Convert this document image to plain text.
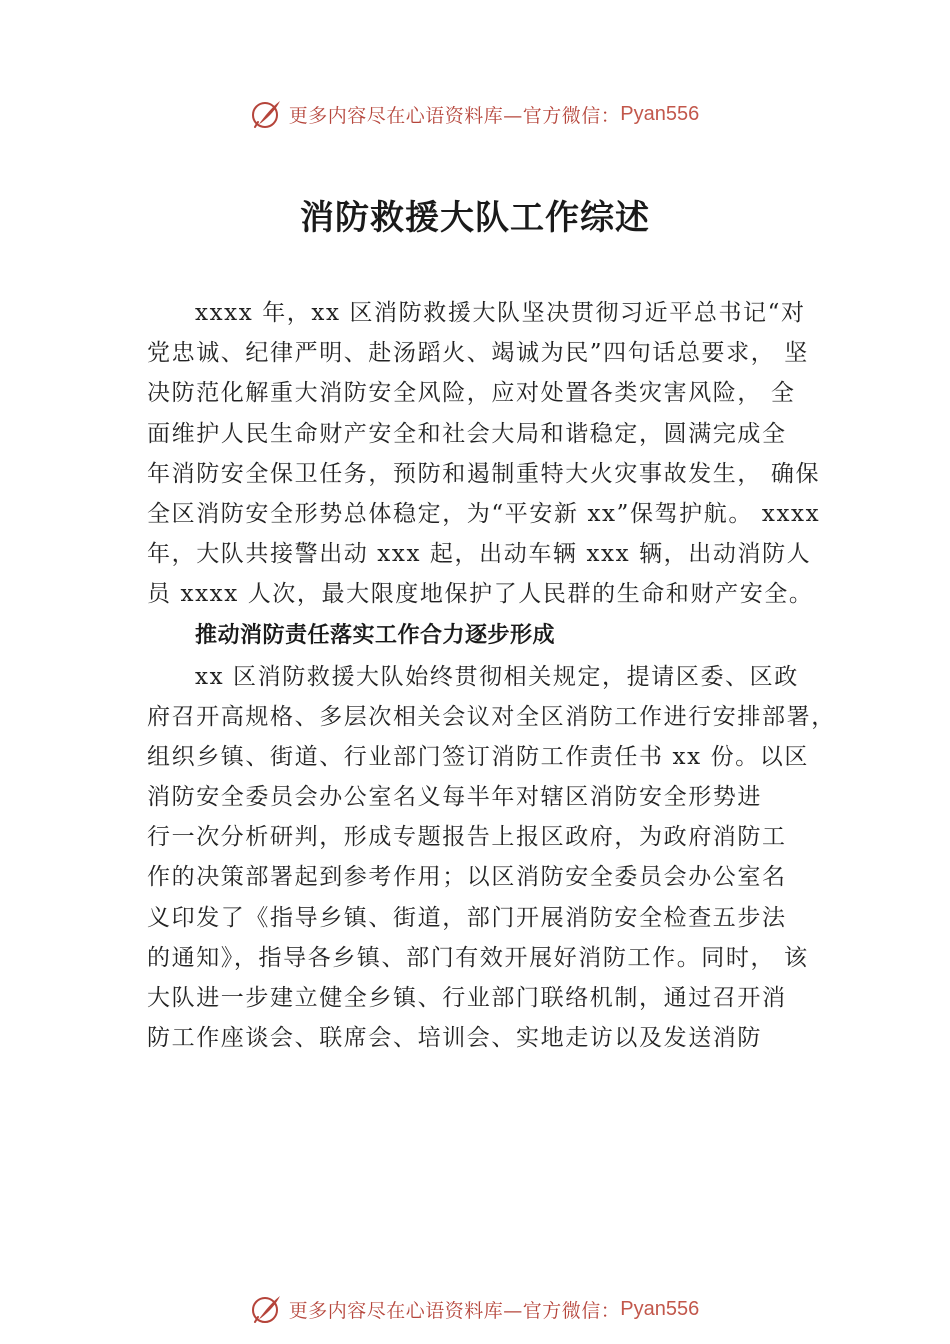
更多内容尽在心语资料库—官方微信： Pyan556
消防救援大队工作综述
xxxx 年，xx 区消防救援大队坚决贯彻习近平总书记“对
党忠诚、纪律严明、赴汤蹈火、竭诚为民”四句话总要求， 坚
决防范化解重大消防安全风险，应对处置各类灾害风险， 全
面维护人民生命财产安全和社会大局和谐稳定，圆满完成全
年消防安全保卫任务，预防和遏制重特大火灾事故发生， 确保
全区消防安全形势总体稳定，为“平安新 xx”保驾护航。 xxxx
年，大队共接警出动 xxx 起，出动车辆 xxx 辆，出动消防人
员 xxxx 人次，最大限度地保护了人民群的生命和财产安全。
推动消防责任落实工作合力逐步形成
xx 区消防救援大队始终贯彻相关规定，提请区委、区政
府召开高规格、多层次相关会议对全区消防工作进行安排部署，
组织乡镇、街道、行业部门签订消防工作责任书 xx 份。以区
消防安全委员会办公室名义每半年对辖区消防安全形势进
行一次分析研判，形成专题报告上报区政府，为政府消防工
作的决策部署起到参考作用；以区消防安全委员会办公室名
义印发了《指导乡镇、街道，部门开展消防安全检查五步法
的通知》，指导各乡镇、部门有效开展好消防工作。同时， 该
大队进一步建立健全乡镇、行业部门联络机制，通过召开消
防工作座谈会、联席会、培训会、实地走访以及发送消防
更多内容尽在心语资料库—官方微信： Pyan556
